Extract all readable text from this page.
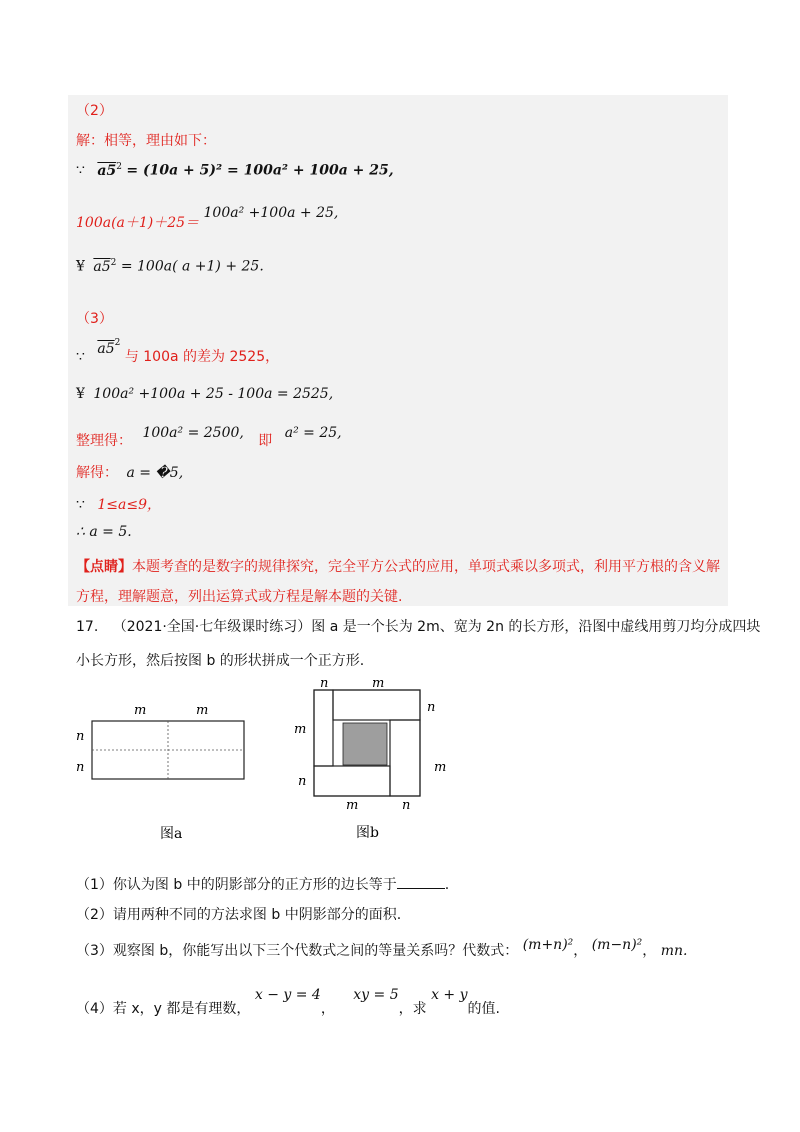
（2）
解：相等，理由如下：
∵ $a5^2 = (10a + 5)^2 = 100a^2 + 100a + 25$,
100a(a＋1)＋25＝ 100a² +100a + 25,
¥ $a5^2 = 100a$( a +1) + 25.
（3）
∵ $a5^2$ 与 100a 的差为 2525，
¥ 100a² +100a + 25 - 100a = 2525,
整理得： 100a² = 2500, 即 a² = 25,
解得： a = �5,
∵ 1≤a≤9，
∴ a = 5.
【点睛】本题考查的是数字的规律探究，完全平方公式的应用，单项式乘以多项式，利用平方根的含义解
方程，理解题意，列出运算式或方程是解本题的关键.
17. （2021·全国·七年级课时练习）图 a 是一个长为 2m、宽为 2n 的长方形，沿图中虚线用剪刀均分成四块
小长方形，然后按图 b 的形状拼成一个正方形.
m	m
n
n
图a
n	m
n
m
m
n
m	n
图b
（1）你认为图 b 中的阴影部分的正方形的边长等于	.
（2）请用两种不同的方法求图 b 中阴影部分的面积.
（3）观察图 b，你能写出以下三个代数式之间的等量关系吗？代数式： (m+n)²， (m−n)²， mn.
（4）若 x，y 都是有理数， x − y = 4， xy = 5，求 x + y的值.
